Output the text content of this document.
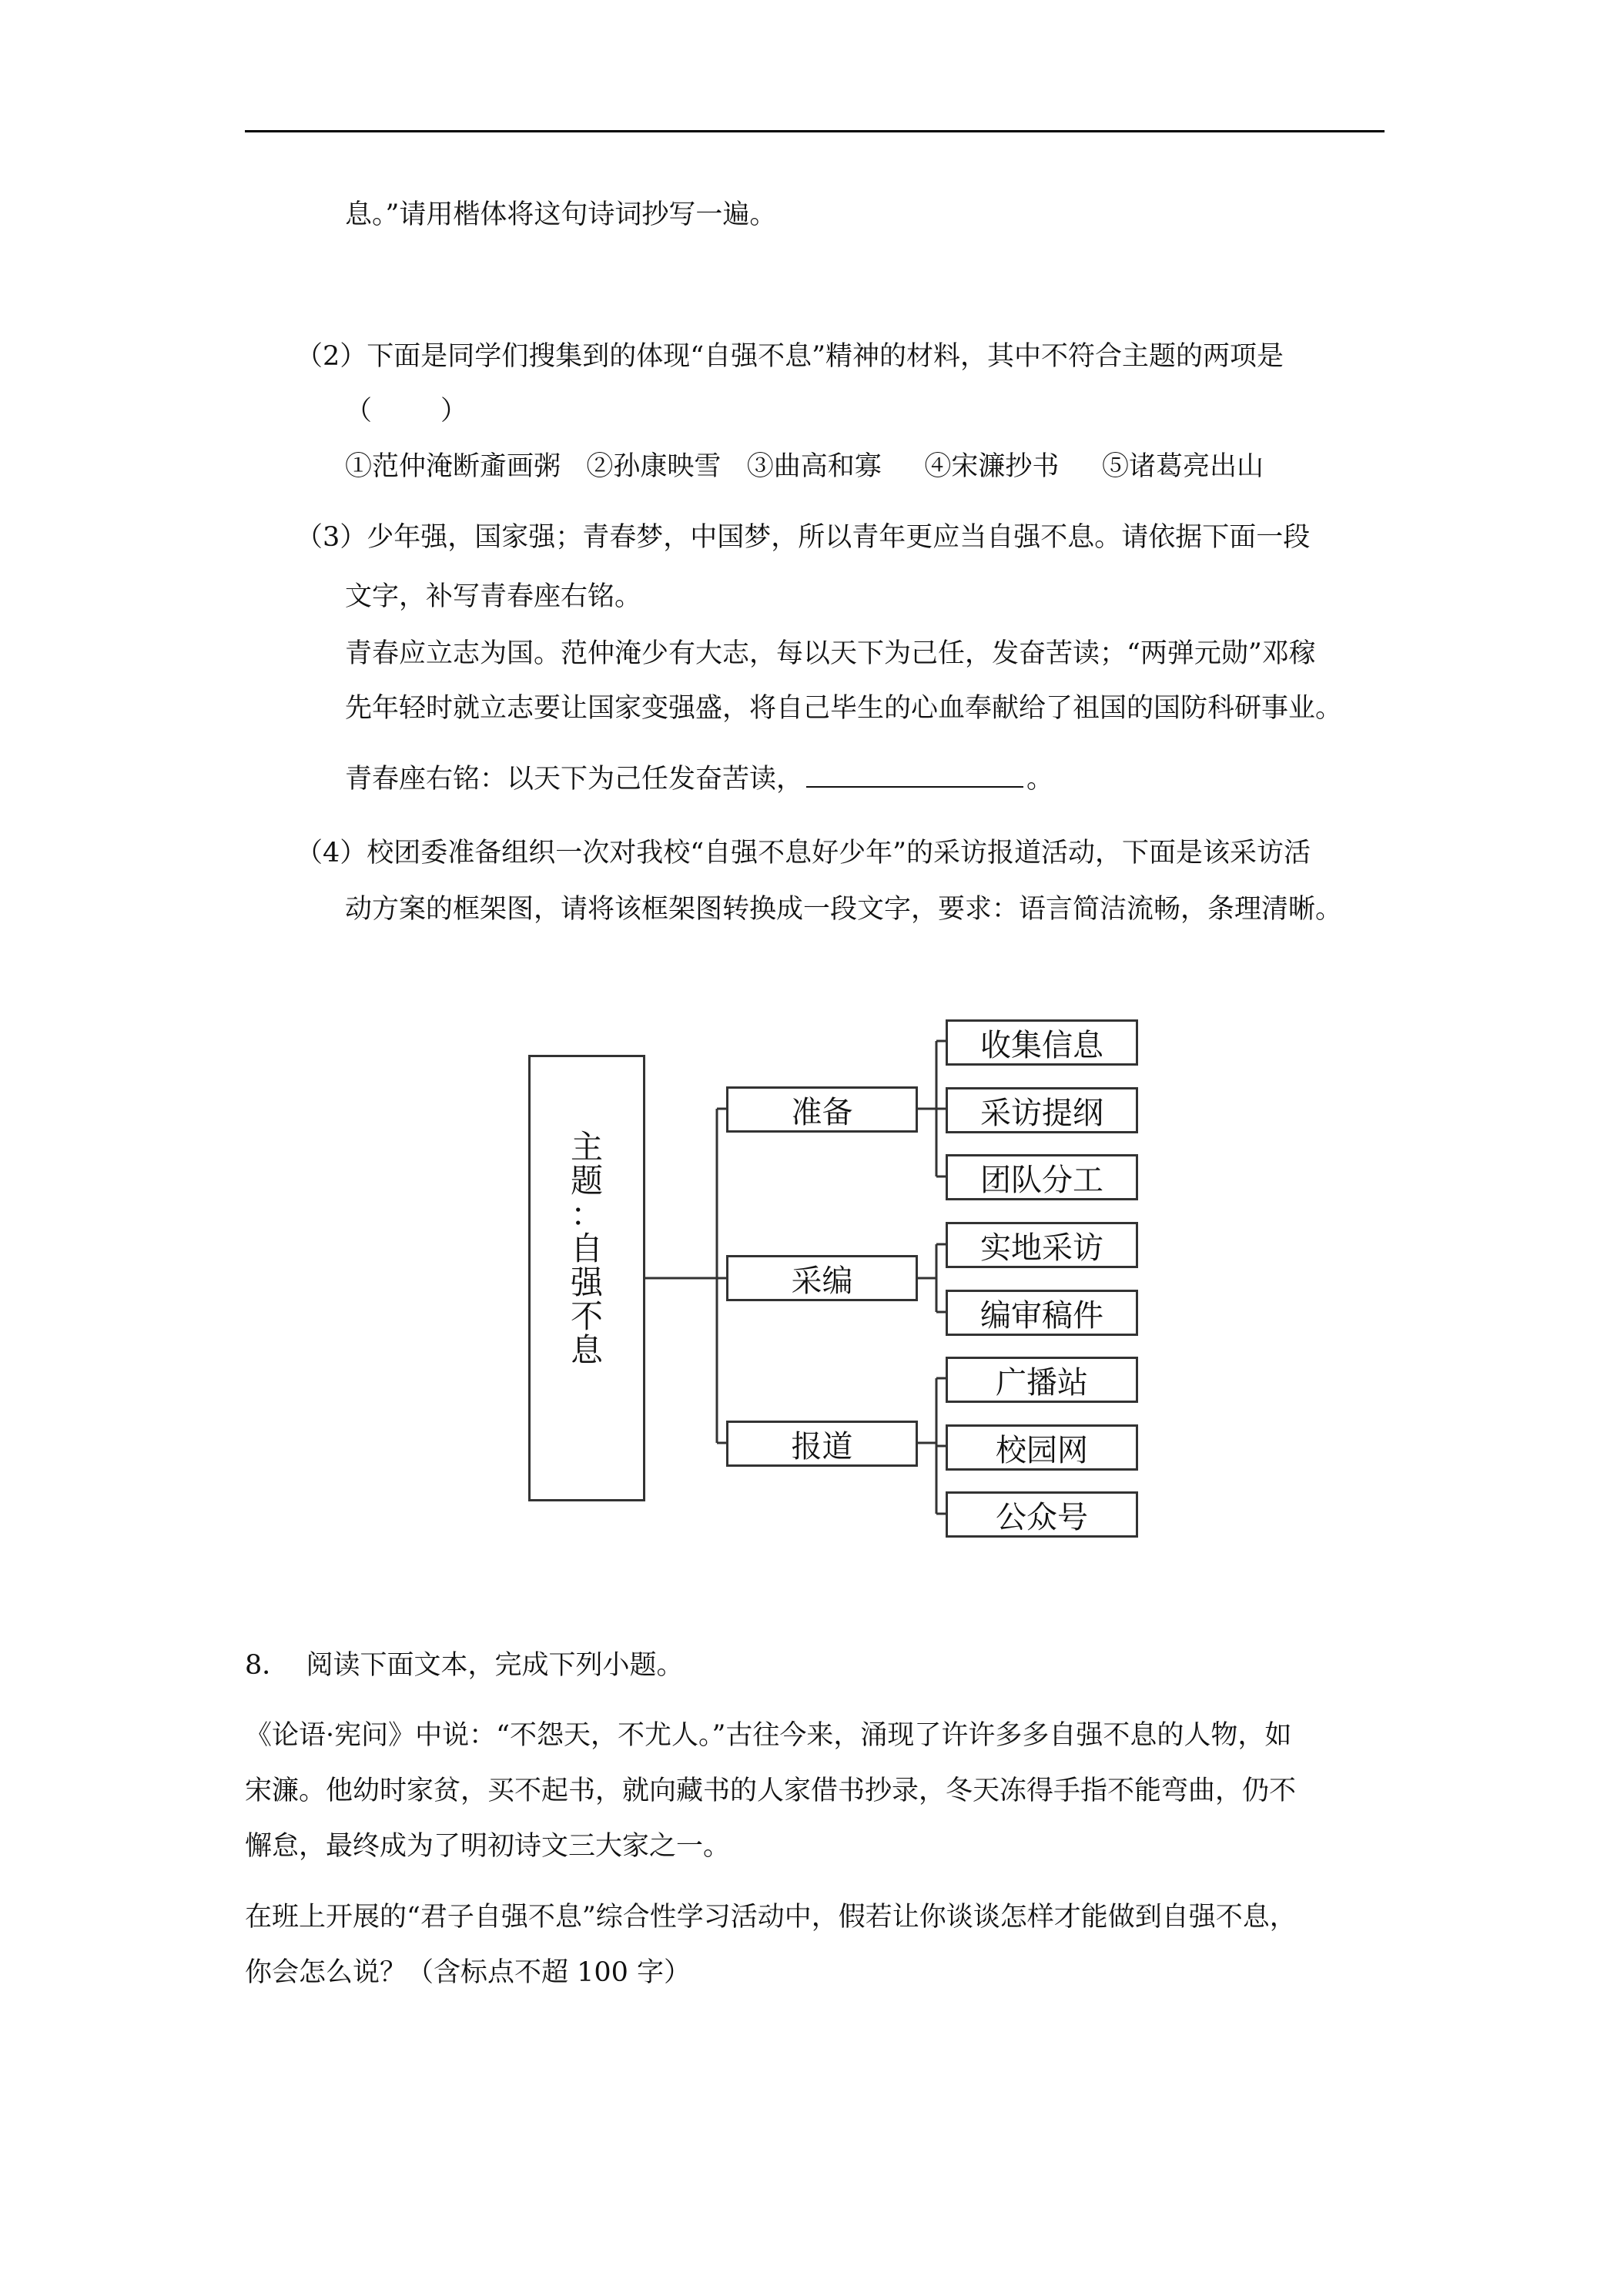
息。”请用楷体将这句诗词抄写一遍。
（2）下面是同学们搜集到的体现“自强不息”精神的材料，其中不符合主题的两项是
（        ）
①范仲淹断齑画粥   ②孙康映雪   ③曲高和寡     ④宋濂抄书     ⑤诸葛亮出山
（3）少年强，国家强；青春梦，中国梦，所以青年更应当自强不息。请依据下面一段
文字，补写青春座右铭。
青春应立志为国。范仲淹少有大志，每以天下为己任，发奋苦读；“两弹元勋”邓稼
先年轻时就立志要让国家变强盛，将自己毕生的心血奉献给了祖国的国防科研事业。
青春座右铭：以天下为己任发奋苦读，	。
（4）校团委准备组织一次对我校“自强不息好少年”的采访报道活动，下面是该采访活
动方案的框架图，请将该框架图转换成一段文字，要求：语言简洁流畅，条理清晰。
主
题
：
自
强
不
息
准备
采编
报道
收集信息
采访提纲
团队分工
实地采访
编审稿件
广播站
校园网
公众号
8．  阅读下面文本，完成下列小题。
《论语·宪问》中说：“不怨天，不尤人。”古往今来，涌现了许许多多自强不息的人物，如
宋濂。他幼时家贫，买不起书，就向藏书的人家借书抄录，冬天冻得手指不能弯曲，仍不
懈怠，最终成为了明初诗文三大家之一。
在班上开展的“君子自强不息”综合性学习活动中，假若让你谈谈怎样才能做到自强不息，
你会怎么说？（含标点不超 100 字）
